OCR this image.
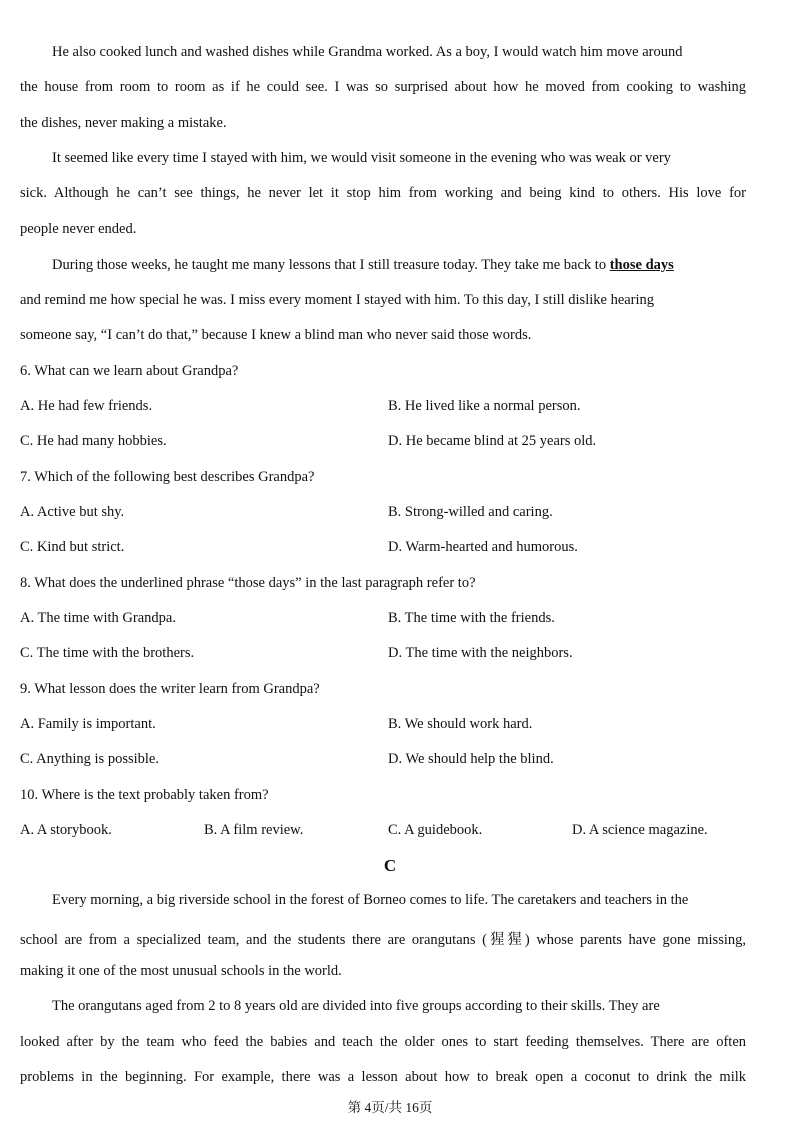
He also cooked lunch and washed dishes while Grandma worked. As a boy, I would watch him move around
the house from room to room as if he could see. I was so surprised about how he moved from cooking to washing
the dishes, never making a mistake.
It seemed like every time I stayed with him, we would visit someone in the evening who was weak or very
sick. Although he can’t see things, he never let it stop him from working and being kind to others. His love for
people never ended.
During those weeks, he taught me many lessons that I still treasure today. They take me back to those days
and remind me how special he was. I miss every moment I stayed with him. To this day, I still dislike hearing
someone say, “I can’t do that,” because I knew a blind man who never said those words.
6. What can we learn about Grandpa?
A. He had few friends.	B. He lived like a normal person.
C. He had many hobbies.	D. He became blind at 25 years old.
7. Which of the following best describes Grandpa?
A. Active but shy.	B. Strong-willed and caring.
C. Kind but strict.	D. Warm-hearted and humorous.
8. What does the underlined phrase “those days” in the last paragraph refer to?
A. The time with Grandpa.	B. The time with the friends.
C. The time with the brothers.	D. The time with the neighbors.
9. What lesson does the writer learn from Grandpa?
A. Family is important.	B. We should work hard.
C. Anything is possible.	D. We should help the blind.
10. Where is the text probably taken from?
A. A storybook.	B. A film review.	C. A guidebook.	D. A science magazine.
C
Every morning, a big riverside school in the forest of Borneo comes to life. The caretakers and teachers in the
school are from a specialized team, and the students there are orangutans (猩猩) whose parents have gone missing,
making it one of the most unusual schools in the world.
The orangutans aged from 2 to 8 years old are divided into five groups according to their skills. They are
looked after by the team who feed the babies and teach the older ones to start feeding themselves. There are often
problems in the beginning. For example, there was a lesson about how to break open a coconut to drink the milk
第 4页/共 16页
